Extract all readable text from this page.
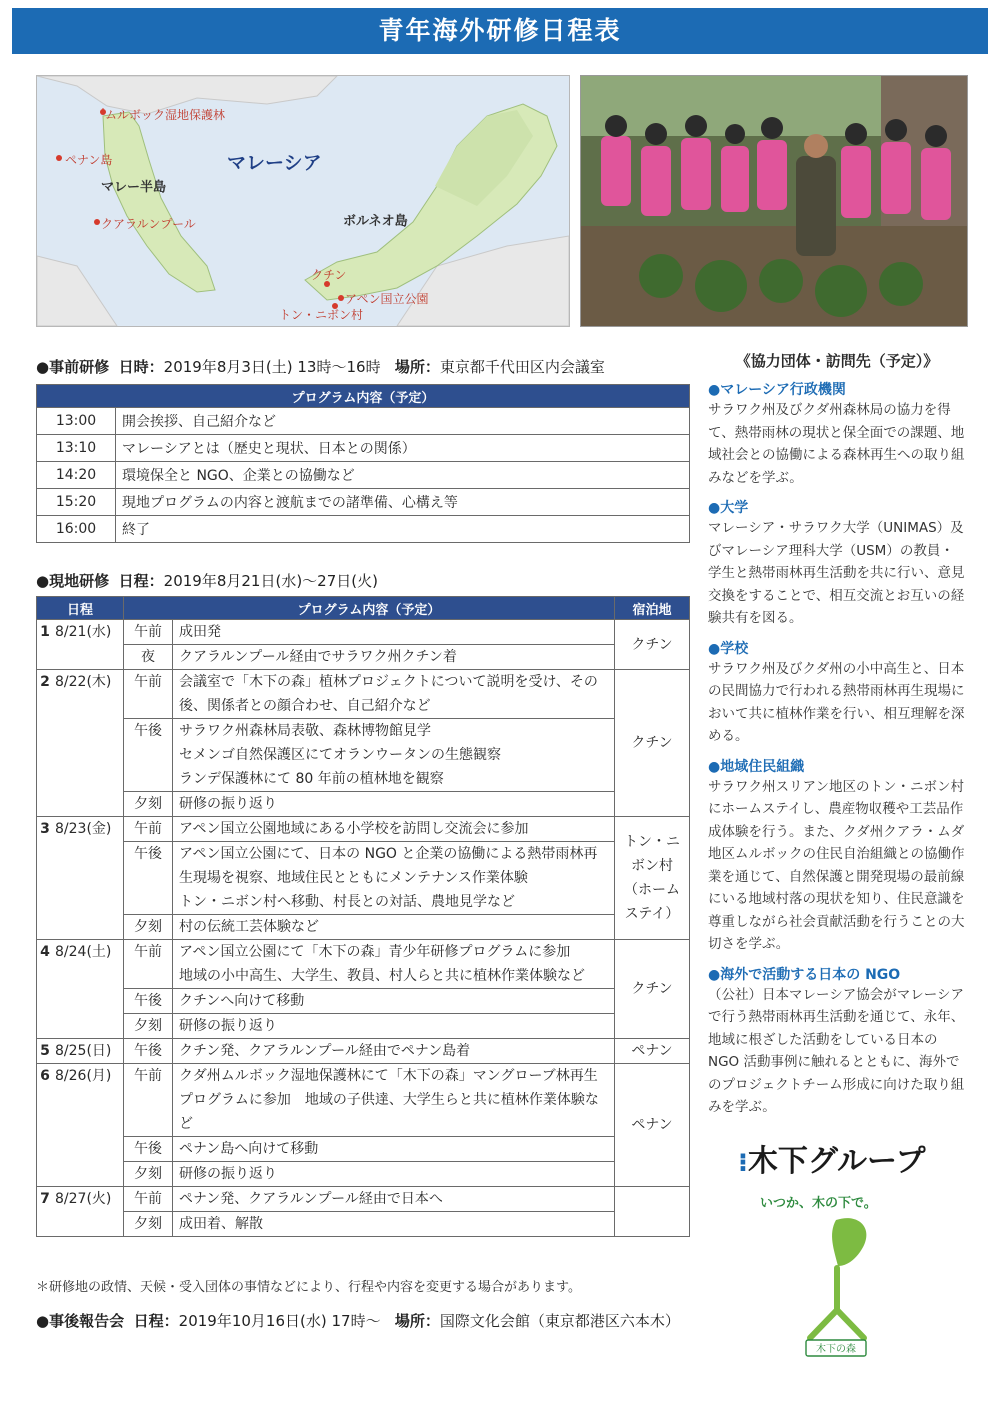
青年海外研修日程表
ムルボック湿地保護林
ペナン島
クアラルンプール
クチン
アペン国立公園
トン・ニボン村
マレーシア
マレー半島
ボルネオ島
●事前研修 日時：2019年8月3日(土) 13時～16時 場所：東京都千代田区内会議室
プログラム内容（予定）	
13:00	開会挨拶、自己紹介など
13:10	マレーシアとは（歴史と現状、日本との関係）
14:20	環境保全と NGO、企業との協働など
15:20	現地プログラムの内容と渡航までの諸準備、心構え等
16:00	終了
●現地研修 日程：2019年8月21日(水)～27日(火)
日程		プログラム内容（予定）		宿泊地
1	8/21(水)	午前	成田発	クチン
		夜	クアラルンプール経由でサラワク州クチン着	

2	8/22(木)	午前	会議室で「木下の森」植林プロジェクトについて説明を受け、その後、関係者との顔合わせ、自己紹介など	クチン
		午後	サラワク州森林局表敬、森林博物館見学
セメンゴ自然保護区にてオランウータンの生態観察
ランデ保護林にて 80 年前の植林地を観察	

		夕刻	研修の振り返り	

3	8/23(金)	午前	アペン国立公園地域にある小学校を訪問し交流会に参加	トン・ニボン村（ホームステイ）
		午後	アペン国立公園にて、日本の NGO と企業の協働による熱帯雨林再生現場を視察、地域住民とともにメンテナンス作業体験
トン・ニボン村へ移動、村長との対話、農地見学など	

		夕刻	村の伝統工芸体験など	

4	8/24(土)	午前	アペン国立公園にて「木下の森」青少年研修プログラムに参加
地域の小中高生、大学生、教員、村人らと共に植林作業体験など	クチン
		午後	クチンへ向けて移動	

		夕刻	研修の振り返り	

5	8/25(日)	午後	クチン発、クアラルンプール経由でペナン島着	ペナン
6	8/26(月)	午前	クダ州ムルボック湿地保護林にて「木下の森」マングローブ林再生プログラムに参加　地域の子供達、大学生らと共に植林作業体験など	ペナン
		午後	ペナン島へ向けて移動	

		夕刻	研修の振り返り	

7	8/27(火)	午前	ペナン発、クアラルンプール経由で日本へ	

		夕刻	成田着、解散	
＊研修地の政情、天候・受入団体の事情などにより、行程や内容を変更する場合があります。
●事後報告会 日程：2019年10月16日(水) 17時～ 場所：国際文化会館（東京都港区六本木）
《協力団体・訪問先（予定）》
●マレーシア行政機関
サラワク州及びクダ州森林局の協力を得て、熱帯雨林の現状と保全面での課題、地域社会との協働による森林再生への取り組みなどを学ぶ。
●大学
マレーシア・サラワク大学（UNIMAS）及びマレーシア理科大学（USM）の教員・学生と熱帯雨林再生活動を共に行い、意見交換をすることで、相互交流とお互いの経験共有を図る。
●学校
サラワク州及びクダ州の小中高生と、日本の民間協力で行われる熱帯雨林再生現場において共に植林作業を行い、相互理解を深める。
●地域住民組織
サラワク州スリアン地区のトン・ニボン村にホームステイし、農産物収穫や工芸品作成体験を行う。また、クダ州クアラ・ムダ地区ムルボックの住民自治組織との協働作業を通じて、自然保護と開発現場の最前線にいる地域村落の現状を知り、住民意識を尊重しながら社会貢献活動を行うことの大切さを学ぶ。
●海外で活動する日本の NGO
（公社）日本マレーシア協会がマレーシアで行う熱帯雨林再生活動を通じて、永年、地域に根ざした活動をしている日本の NGO 活動事例に触れるとともに、海外でのプロジェクトチーム形成に向けた取り組みを学ぶ。
⁝木下グループ
いつか、木の下で。
木下の森
